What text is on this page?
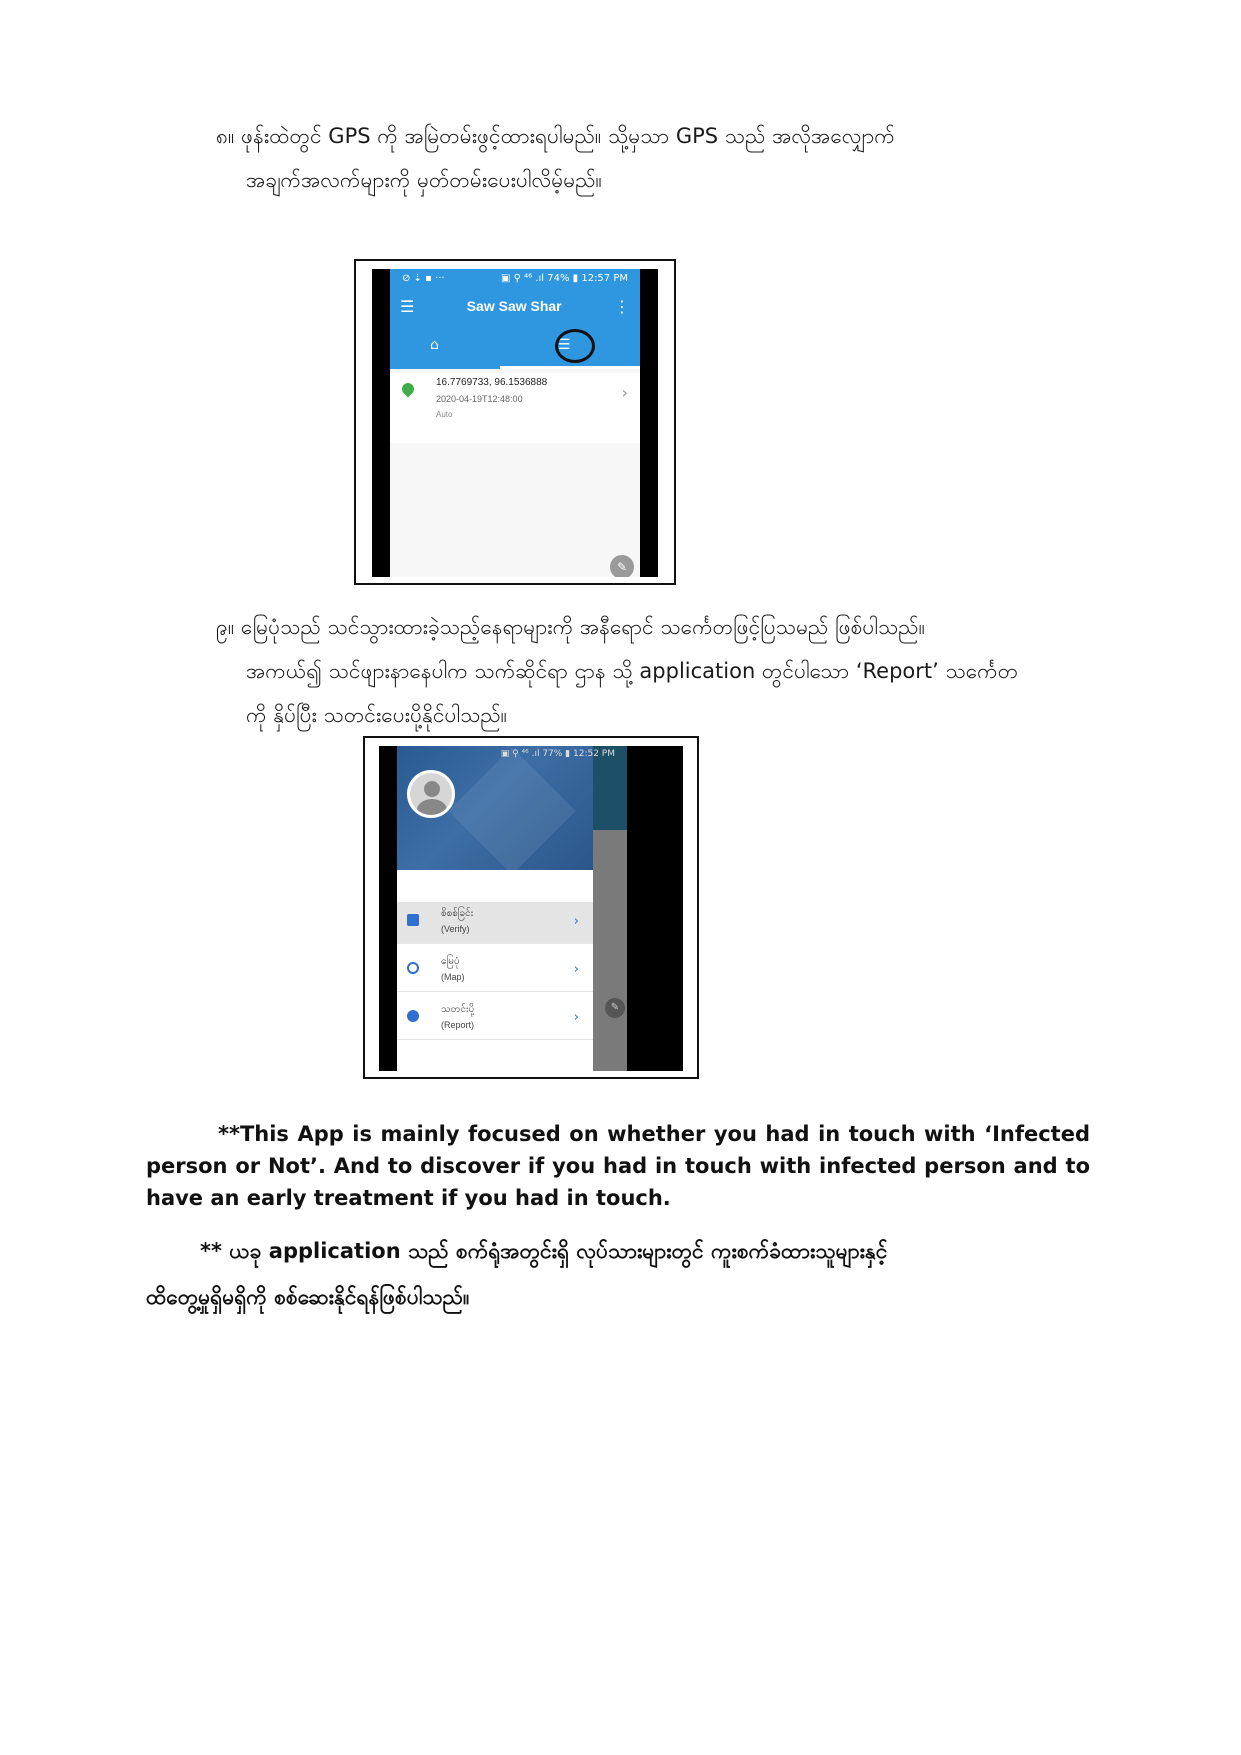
၈။ ဖုန်းထဲတွင် GPS ကို အမြဲတမ်းဖွင့်ထားရပါမည်။ သို့မှသာ GPS သည် အလိုအလျှောက်
အချက်အလက်များကို မှတ်တမ်းပေးပါလိမ့်မည်။
⊘ ⇣ ▪ ···	▣ ⚲ ⁴⁶ .ıl 74% ▮ 12:57 PM
☰	Saw Saw Shar	⋮
⌂	☰
16.7769733, 96.1536888
2020-04-19T12:48:00
Auto
›
✎
၉။ မြေပုံသည် သင်သွားထားခဲ့သည့်နေရာများကို အနီရောင် သင်္ကေတဖြင့်ပြသမည် ဖြစ်ပါသည်။
အကယ်၍ သင်ဖျားနာနေပါက သက်ဆိုင်ရာ ဌာန သို့ application တွင်ပါသော ‘Report’ သင်္ကေတ
ကို နှိပ်ပြီး သတင်းပေးပို့နိုင်ပါသည်။
▣ ⚲ ⁴⁶ .ıl 77% ▮ 12:52 PM
✎
စိစစ်ခြင်း
(Verify)	›
မြေပုံ
(Map)	›
သတင်းပို့
(Report)	›
**This App is mainly focused on whether you had in touch with ‘Infected person or Not’. And to discover if you had in touch with infected person and to have an early treatment if you had in touch.
** ယခု application သည် စက်ရုံအတွင်းရှိ လုပ်သားများတွင် ကူးစက်ခံထားသူများနှင့်
ထိတွေ့မှုရှိမရှိကို စစ်ဆေးနိုင်ရန်ဖြစ်ပါသည်။
